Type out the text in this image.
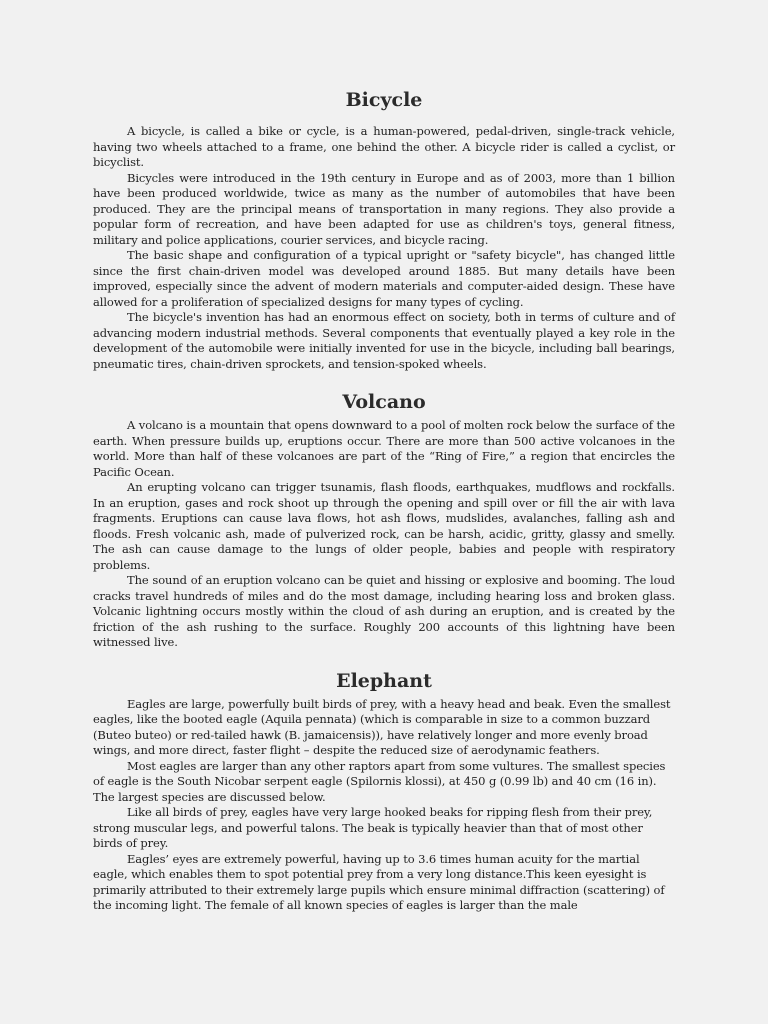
Bicycle

A bicycle, is called a bike or cycle, is a human-powered, pedal-driven, single-track vehicle, having two wheels attached to a frame, one behind the other. A bicycle rider is called a cyclist, or bicyclist.

Bicycles were introduced in the 19th century in Europe and as of 2003, more than 1 billion have been produced worldwide, twice as many as the number of automobiles that have been produced. They are the principal means of transportation in many regions. They also provide a popular form of recreation, and have been adapted for use as children's toys, general fitness, military and police applications, courier services, and bicycle racing.

The basic shape and configuration of a typical upright or "safety bicycle", has changed little since the first chain-driven model was developed around 1885. But many details have been improved, especially since the advent of modern materials and computer-aided design. These have allowed for a proliferation of specialized designs for many types of cycling.

The bicycle's invention has had an enormous effect on society, both in terms of culture and of advancing modern industrial methods. Several components that eventually played a key role in the development of the automobile were initially invented for use in the bicycle, including ball bearings, pneumatic tires, chain-driven sprockets, and tension-spoked wheels.

Volcano

A volcano is a mountain that opens downward to a pool of molten rock below the surface of the earth. When pressure builds up, eruptions occur. There are more than 500 active volcanoes in the world. More than half of these volcanoes are part of the “Ring of Fire,” a region that encircles the Pacific Ocean.

An erupting volcano can trigger tsunamis, flash floods, earthquakes, mudflows and rockfalls. In an eruption, gases and rock shoot up through the opening and spill over or fill the air with lava fragments. Eruptions can cause lava flows, hot ash flows, mudslides, avalanches, falling ash and floods. Fresh volcanic ash, made of pulverized rock, can be harsh, acidic, gritty, glassy and smelly. The ash can cause damage to the lungs of older people, babies and people with respiratory problems.

The sound of an eruption volcano can be quiet and hissing or explosive and booming. The loud cracks travel hundreds of miles and do the most damage, including hearing loss and broken glass. Volcanic lightning occurs mostly within the cloud of ash during an eruption, and is created by the friction of the ash rushing to the surface. Roughly 200 accounts of this lightning have been witnessed live.

Elephant

Eagles are large, powerfully built birds of prey, with a heavy head and beak. Even the smallest eagles, like the booted eagle (Aquila pennata) (which is comparable in size to a common buzzard (Buteo buteo) or red-tailed hawk (B. jamaicensis)), have relatively longer and more evenly broad wings, and more direct, faster flight – despite the reduced size of aerodynamic feathers.

Most eagles are larger than any other raptors apart from some vultures. The smallest species of eagle is the South Nicobar serpent eagle (Spilornis klossi), at 450 g (0.99 lb) and 40 cm (16 in). The largest species are discussed below.

Like all birds of prey, eagles have very large hooked beaks for ripping flesh from their prey, strong muscular legs, and powerful talons. The beak is typically heavier than that of most other birds of prey.

Eagles’ eyes are extremely powerful, having up to 3.6 times human acuity for the martial eagle, which enables them to spot potential prey from a very long distance.This keen eyesight is primarily attributed to their extremely large pupils which ensure minimal diffraction (scattering) of the incoming light. The female of all known species of eagles is larger than the male
